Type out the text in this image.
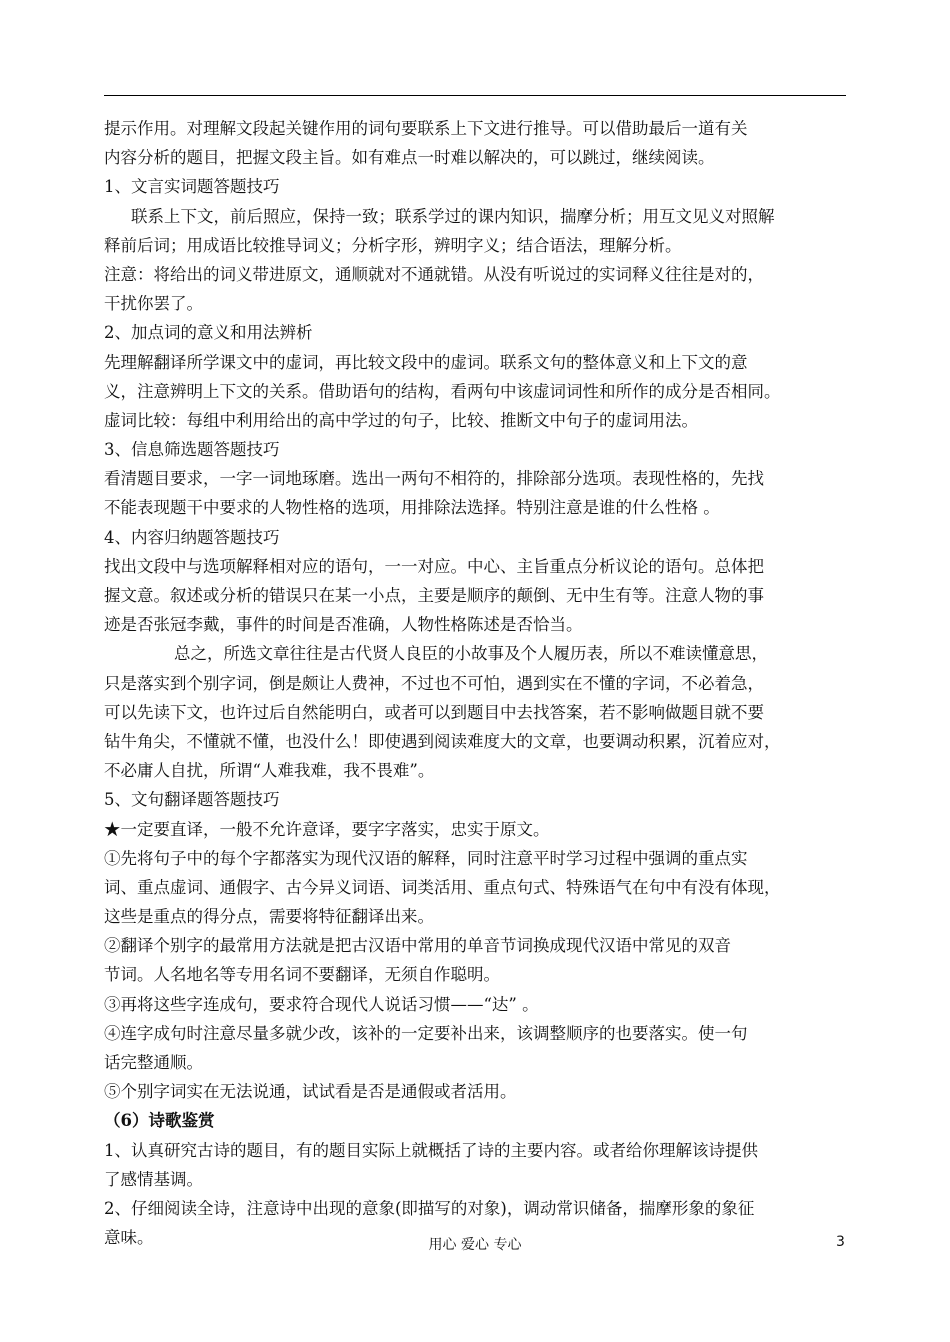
提示作用。对理解文段起关键作用的词句要联系上下文进行推导。可以借助最后一道有关
内容分析的题目，把握文段主旨。如有难点一时难以解决的，可以跳过，继续阅读。
1、文言实词题答题技巧
联系上下文，前后照应，保持一致；联系学过的课内知识，揣摩分析；用互文见义对照解
释前后词；用成语比较推导词义；分析字形，辨明字义；结合语法，理解分析。
注意：将给出的词义带进原文，通顺就对不通就错。从没有听说过的实词释义往往是对的，
干扰你罢了。
2、加点词的意义和用法辨析
先理解翻译所学课文中的虚词，再比较文段中的虚词。联系文句的整体意义和上下文的意
义，注意辨明上下文的关系。借助语句的结构，看两句中该虚词词性和所作的成分是否相同。
虚词比较：每组中利用给出的高中学过的句子，比较、推断文中句子的虚词用法。
3、信息筛选题答题技巧
看清题目要求，一字一词地琢磨。选出一两句不相符的，排除部分选项。表现性格的，先找
不能表现题干中要求的人物性格的选项，用排除法选择。特别注意是谁的什么性格 。
4、内容归纳题答题技巧
找出文段中与选项解释相对应的语句，一一对应。中心、主旨重点分析议论的语句。总体把
握文意。叙述或分析的错误只在某一小点，主要是顺序的颠倒、无中生有等。注意人物的事
迹是否张冠李戴，事件的时间是否准确，人物性格陈述是否恰当。
总之，所选文章往往是古代贤人良臣的小故事及个人履历表，所以不难读懂意思，
只是落实到个别字词，倒是颇让人费神，不过也不可怕，遇到实在不懂的字词，不必着急，
可以先读下文，也许过后自然能明白，或者可以到题目中去找答案，若不影响做题目就不要
钻牛角尖，不懂就不懂，也没什么！即使遇到阅读难度大的文章，也要调动积累，沉着应对，
不必庸人自扰，所谓“人难我难，我不畏难”。
5、文句翻译题答题技巧
★一定要直译，一般不允许意译，要字字落实，忠实于原文。
①先将句子中的每个字都落实为现代汉语的解释，同时注意平时学习过程中强调的重点实
词、重点虚词、通假字、古今异义词语、词类活用、重点句式、特殊语气在句中有没有体现，
这些是重点的得分点，需要将特征翻译出来。
②翻译个别字的最常用方法就是把古汉语中常用的单音节词换成现代汉语中常见的双音
节词。人名地名等专用名词不要翻译，无须自作聪明。
③再将这些字连成句，要求符合现代人说话习惯——“达” 。
④连字成句时注意尽量多就少改，该补的一定要补出来，该调整顺序的也要落实。使一句
话完整通顺。
⑤个别字词实在无法说通，试试看是否是通假或者活用。
（6）诗歌鉴赏
1、认真研究古诗的题目，有的题目实际上就概括了诗的主要内容。或者给你理解该诗提供
了感情基调。
2、仔细阅读全诗，注意诗中出现的意象(即描写的对象)，调动常识储备，揣摩形象的象征
意味。	用心 爱心 专心	3
